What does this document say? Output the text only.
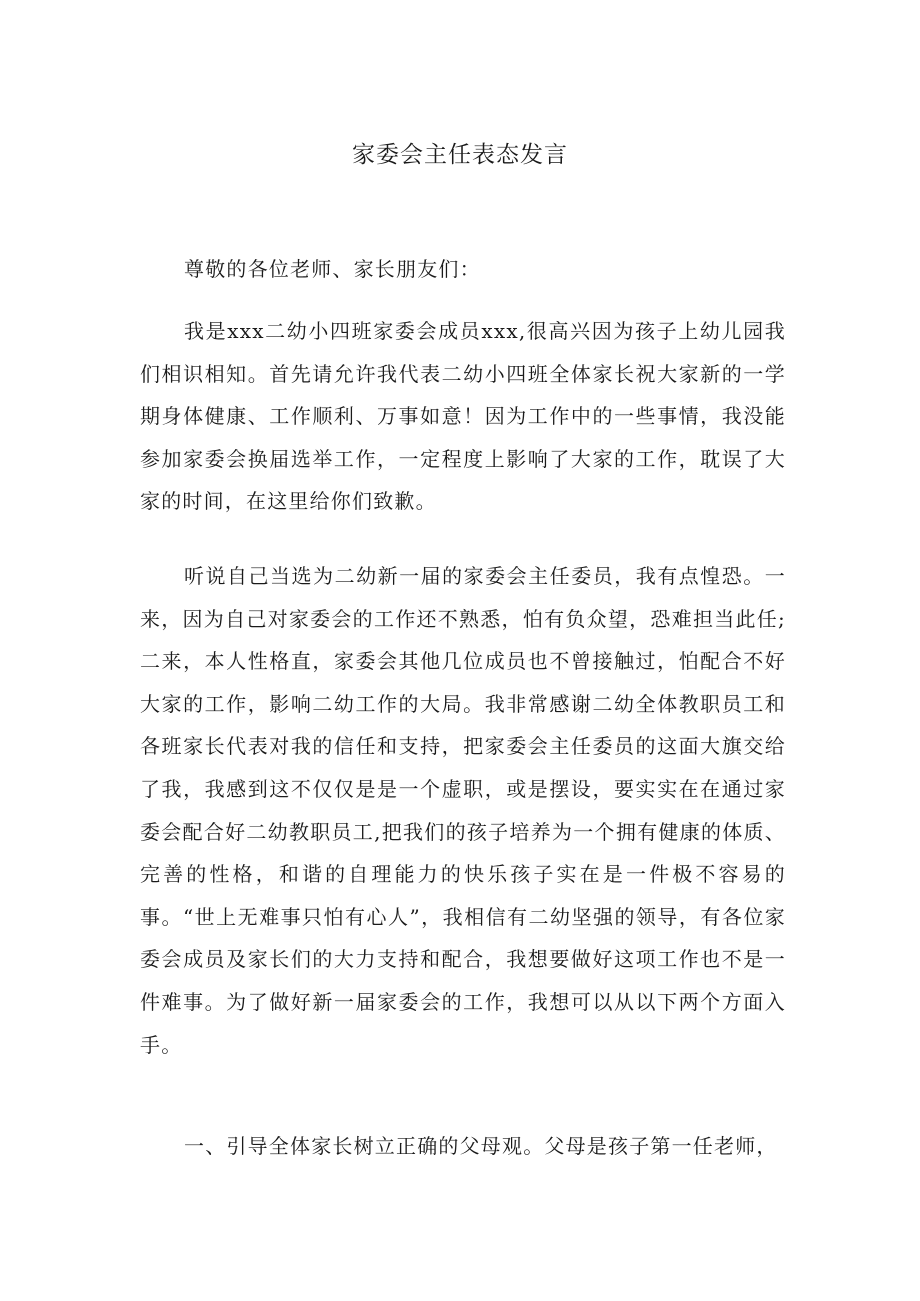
家委会主任表态发言

尊敬的各位老师、家长朋友们：

我是xxx二幼小四班家委会成员xxx,很高兴因为孩子上幼儿园我们相识相知。首先请允许我代表二幼小四班全体家长祝大家新的一学期身体健康、工作顺利、万事如意！因为工作中的一些事情，我没能参加家委会换届选举工作，一定程度上影响了大家的工作，耽误了大家的时间，在这里给你们致歉。

听说自己当选为二幼新一届的家委会主任委员，我有点惶恐。一来，因为自己对家委会的工作还不熟悉，怕有负众望，恐难担当此任;二来，本人性格直，家委会其他几位成员也不曾接触过，怕配合不好大家的工作，影响二幼工作的大局。我非常感谢二幼全体教职员工和各班家长代表对我的信任和支持，把家委会主任委员的这面大旗交给了我，我感到这不仅仅是是一个虚职，或是摆设，要实实在在通过家委会配合好二幼教职员工,把我们的孩子培养为一个拥有健康的体质、完善的性格，和谐的自理能力的快乐孩子实在是一件极不容易的事。“世上无难事只怕有心人”，我相信有二幼坚强的领导，有各位家委会成员及家长们的大力支持和配合，我想要做好这项工作也不是一件难事。为了做好新一届家委会的工作，我想可以从以下两个方面入手。

一、引导全体家长树立正确的父母观。父母是孩子第一任老师，
